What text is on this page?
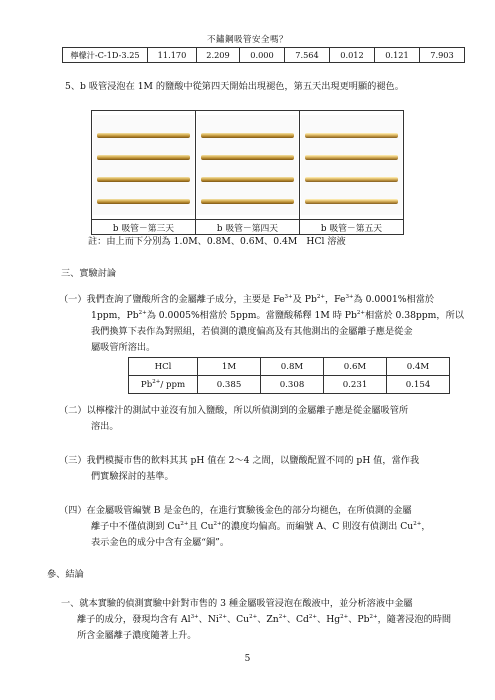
不鏽鋼吸管安全嗎？
檸檬汁-C-1D-3.25	11.170	2.209	0.000	7.564	0.012	0.121	7.903
5、b 吸管浸泡在 1M 的鹽酸中從第四天開始出現褪色，第五天出現更明顯的褪色。

b 吸管－第三天	b 吸管－第四天	b 吸管－第五天
註：由上而下分別為 1.0M、0.8M、0.6M、0.4M　HCl 溶液
三、實驗討論
（一）我們查詢了鹽酸所含的金屬離子成分，主要是 $Fe^{3+}$及 $Pb^{2+}$，$Fe^{3+}$為 0.0001%相當於
1ppm，$Pb^{2+}$為 0.0005%相當於 5ppm。當鹽酸稀釋 1M 時 $Pb^{2+}$相當於 0.38ppm，所以
我們換算下表作為對照組，若偵測的濃度偏高及有其他測出的金屬離子應是從金
屬吸管所溶出。
HCl	1M	0.8M	0.6M	0.4M
$Pb^{2+}/$ ppm	0.385	0.308	0.231	0.154
（二）以檸檬汁的測試中並沒有加入鹽酸，所以所偵測到的金屬離子應是從金屬吸管所
溶出。
（三）我們模擬市售的飲料其其 pH 值在 2～4 之間，以鹽酸配置不同的 pH 值，當作我
們實驗探討的基準。
（四）在金屬吸管編號 B 是金色的，在進行實驗後金色的部分均褪色，在所偵測的金屬
離子中不僅偵測到 $Cu^{2+}$且 $Cu^{2+}$的濃度均偏高。而編號 A、C 則沒有偵測出 $Cu^{2+}$，
表示金色的成分中含有金屬“銅”。
參、結論
一、就本實驗的偵測實驗中針對市售的 3 種金屬吸管浸泡在酸液中，並分析溶液中金屬
離子的成分，發現均含有 $Al^{3+}$、$Ni^{2+}$、$Cu^{2+}$、$Zn^{2+}$、$Cd^{2+}$、$Hg^{2+}$、$Pb^{2+}$，隨著浸泡的時間
所含金屬離子濃度隨著上升。
5
